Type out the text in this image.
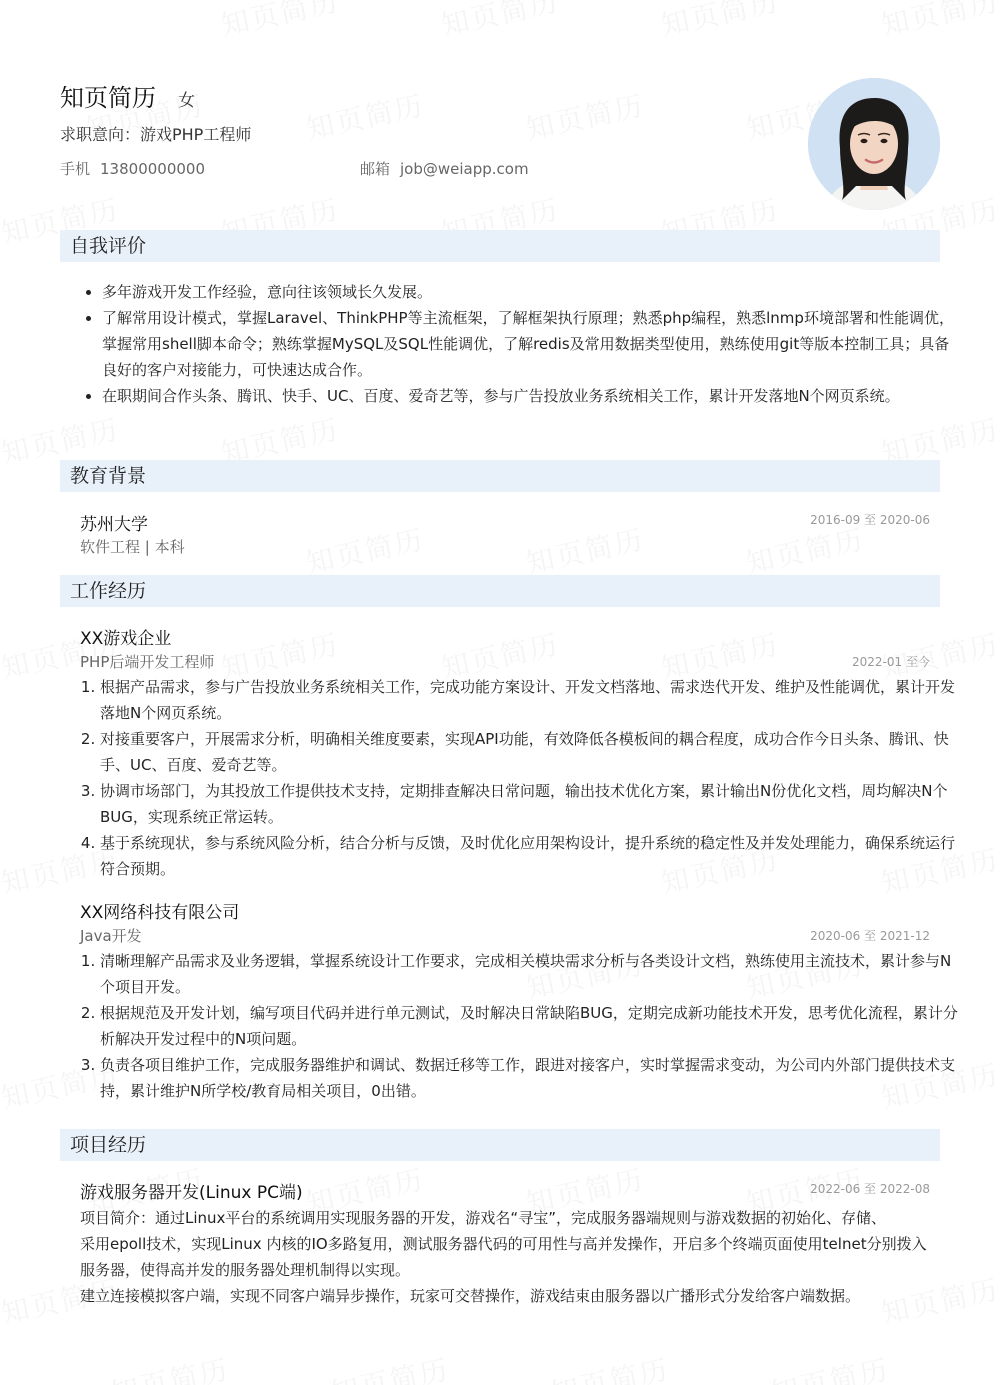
知页简历 女
求职意向：游戏PHP工程师
手机 13800000000	邮箱 job@weiapp.com
自我评价
• 多年游戏开发工作经验，意向往该领域长久发展。
• 了解常用设计模式，掌握Laravel、ThinkPHP等主流框架，了解框架执行原理；熟悉php编程，熟悉lnmp环境部署和性能调优，掌握常用shell脚本命令；熟练掌握MySQL及SQL性能调优，了解redis及常用数据类型使用，熟练使用git等版本控制工具；具备良好的客户对接能力，可快速达成合作。
• 在职期间合作头条、腾讯、快手、UC、百度、爱奇艺等，参与广告投放业务系统相关工作，累计开发落地N个网页系统。
教育背景
苏州大学
软件工程 | 本科
2016-09 至 2020-06
工作经历
XX游戏企业
PHP后端开发工程师	2022-01 至今
1. 根据产品需求，参与广告投放业务系统相关工作，完成功能方案设计、开发文档落地、需求迭代开发、维护及性能调优，累计开发落地N个网页系统。
2. 对接重要客户，开展需求分析，明确相关维度要素，实现API功能，有效降低各模板间的耦合程度，成功合作今日头条、腾讯、快手、UC、百度、爱奇艺等。
3. 协调市场部门，为其投放工作提供技术支持，定期排查解决日常问题，输出技术优化方案，累计输出N份优化文档，周均解决N个BUG，实现系统正常运转。
4. 基于系统现状，参与系统风险分析，结合分析与反馈，及时优化应用架构设计，提升系统的稳定性及并发处理能力，确保系统运行符合预期。
XX网络科技有限公司
Java开发	2020-06 至 2021-12
1. 清晰理解产品需求及业务逻辑，掌握系统设计工作要求，完成相关模块需求分析与各类设计文档，熟练使用主流技术，累计参与N个项目开发。
2. 根据规范及开发计划，编写项目代码并进行单元测试，及时解决日常缺陷BUG，定期完成新功能技术开发，思考优化流程，累计分析解决开发过程中的N项问题。
3. 负责各项目维护工作，完成服务器维护和调试、数据迁移等工作，跟进对接客户，实时掌握需求变动，为公司内外部门提供技术支持，累计维护N所学校/教育局相关项目，0出错。
项目经历
游戏服务器开发(Linux PC端)	2022-06 至 2022-08

项目简介：通过Linux平台的系统调用实现服务器的开发，游戏名“寻宝”，完成服务器端规则与游戏数据的初始化、存储、

采用epoll技术，实现Linux 内核的IO多路复用，测试服务器代码的可用性与高并发操作，开启多个终端页面使用telnet分别拨入服务器，使得高并发的服务器处理机制得以实现。

建立连接模拟客户端，实现不同客户端异步操作，玩家可交替操作，游戏结束由服务器以广播形式分发给客户端数据。
